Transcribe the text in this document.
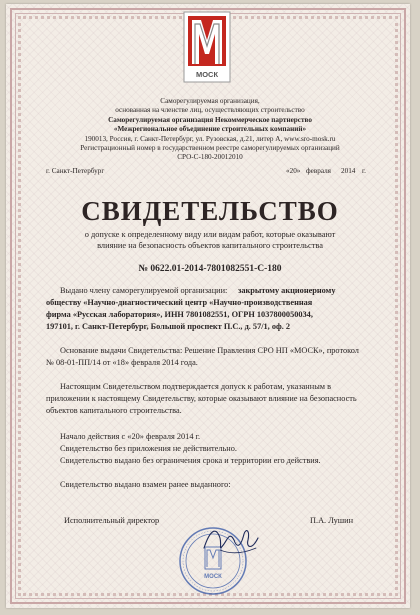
МОСК
Саморегулируемая организация,
основанная на членстве лиц, осуществляющих строительство
Саморегулируемая организация Некоммерческое партнерство
«Межрегиональное объединение строительных компаний»
190013, Россия, г. Санкт-Петербург, ул. Рузовская, д.21, литер А, www.sro-mosk.ru
Регистрационный номер в государственном реестре саморегулируемых организаций
СРО-С-180-20012010
г. Санкт-Петербург	«20» февраля 2014 г.
СВИДЕТЕЛЬСТВО
о допуске к определенному виду или видам работ, которые оказывают
влияние на безопасность объектов капитального строительства
№ 0622.01-2014-7801082551-С-180
Выдано члену саморегулируемой организации: закрытому акционерному
обществу «Научно-диагностический центр «Научно-производственная
фирма «Русская лаборатория», ИНН 7801082551, ОГРН 1037800050034,
197101, г. Санкт-Петербург, Большой проспект П.С., д. 57/1, оф. 2
Основание выдачи Свидетельства: Решение Правления СРО НП «МОСК», протокол
№ 08-01-ПП/14 от «18» февраля 2014 года.
Настоящим Свидетельством подтверждается допуск к работам, указанным в
приложении к настоящему Свидетельству, которые оказывают влияние на безопасность
объектов капитального строительства.
Начало действия с «20» февраля 2014 г.
Свидетельство без приложения не действительно.
Свидетельство выдано без ограничения срока и территории его действия.
Свидетельство выдано взамен ранее выданного:
Исполнительный директор	П.А. Лушин
МОСК
